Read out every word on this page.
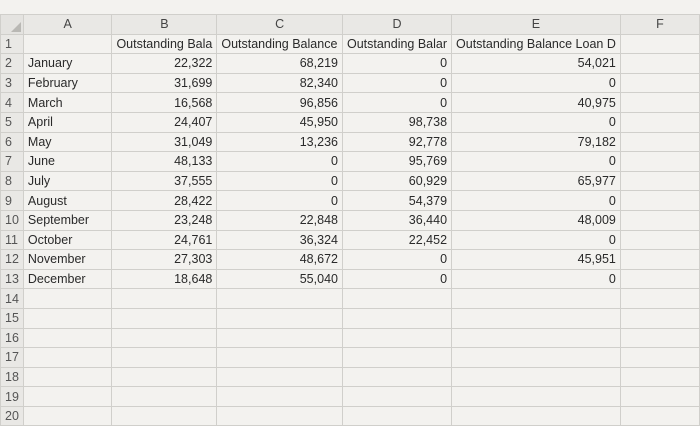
	A	B	C	D	E	F
1		Outstanding Bala	Outstanding Balance	Outstanding Balar	Outstanding Balance Loan D	
2	January	22,322	68,219	0	54,021	
3	February	31,699	82,340	0	0	
4	March	16,568	96,856	0	40,975	
5	April	24,407	45,950	98,738	0	
6	May	31,049	13,236	92,778	79,182	
7	June	48,133	0	95,769	0	
8	July	37,555	0	60,929	65,977	
9	August	28,422	0	54,379	0	
10	September	23,248	22,848	36,440	48,009	
11	October	24,761	36,324	22,452	0	
12	November	27,303	48,672	0	45,951	
13	December	18,648	55,040	0	0	
14						
15						
16						
17						
18						
19						
20						
